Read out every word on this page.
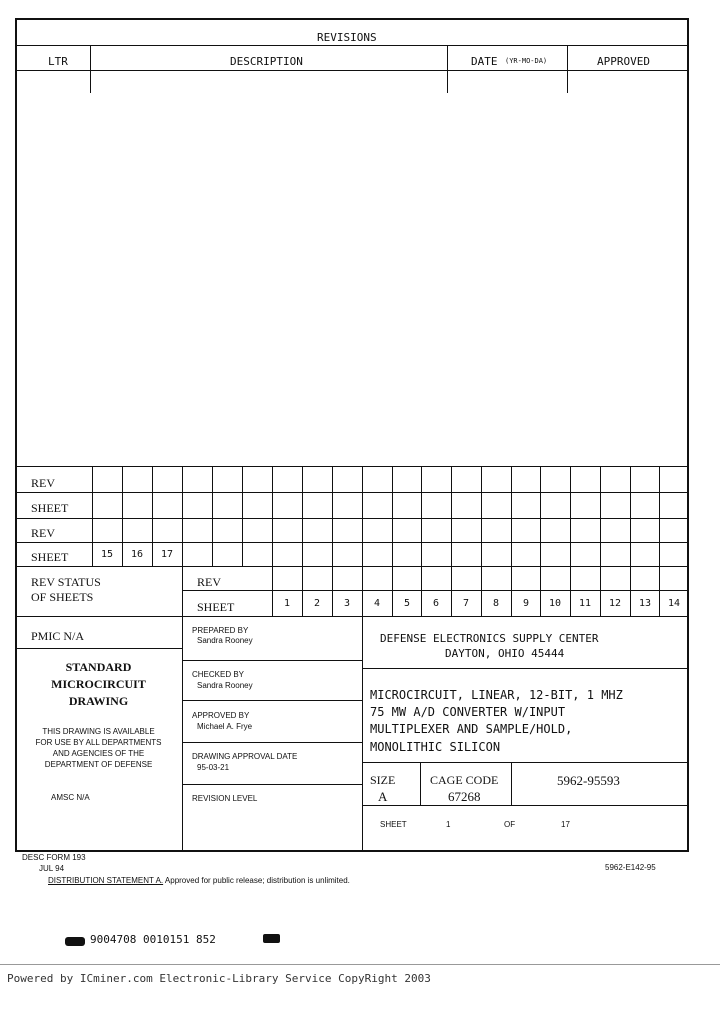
REVISIONS
LTR	DESCRIPTION	DATE (YR-MO-DA)	APPROVED
REV
SHEET
REV
SHEET	15	16	17
REV STATUS
OF SHEETS
REV
SHEET	1	2	3	4	5	6	7	8	9	10	11	12	13	14
PMIC N/A
STANDARD
MICROCIRCUIT
DRAWING
THIS DRAWING IS AVAILABLE
FOR USE BY ALL DEPARTMENTS
AND AGENCIES OF THE
DEPARTMENT OF DEFENSE
AMSC N/A
PREPARED BY
Sandra Rooney
CHECKED BY
Sandra Rooney
APPROVED BY
Michael A. Frye
DRAWING APPROVAL DATE
95-03-21
REVISION LEVEL
DEFENSE ELECTRONICS SUPPLY CENTER
DAYTON, OHIO 45444
MICROCIRCUIT, LINEAR, 12-BIT, 1 MHZ
75 MW A/D CONVERTER W/INPUT
MULTIPLEXER AND SAMPLE/HOLD,
MONOLITHIC SILICON
SIZE
A
CAGE CODE
67268
5962-95593
SHEET	1	OF	17
DESC FORM 193
JUL 94	5962-E142-95
DISTRIBUTION STATEMENT A. Approved for public release; distribution is unlimited.
9004708 0010151 852
Powered by ICminer.com Electronic-Library Service CopyRight 2003
